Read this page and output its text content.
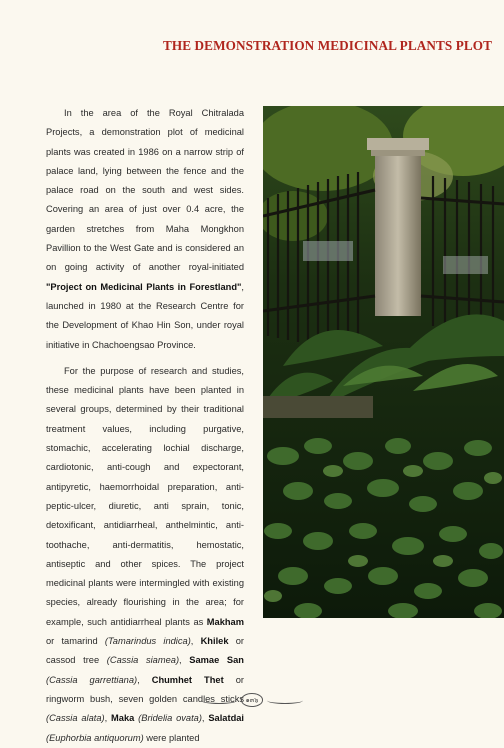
THE DEMONSTRATION MEDICINAL PLANTS PLOT

In the area of the Royal Chitralada Projects, a demonstration plot of medicinal plants was created in 1986 on a narrow strip of palace land, lying between the fence and the palace road on the south and west sides. Covering an area of just over 0.4 acre, the garden stretches from Maha Mongkhon Pavillion to the West Gate and is considered an on going activity of another royal-initiated "Project on Medicinal Plants in Forestland", launched in 1980 at the Research Centre for the Development of Khao Hin Son, under royal initiative in Chachoengsao Province.

For the purpose of research and studies, these medicinal plants have been planted in several groups, determined by their traditional treatment values, including purgative, stomachic, accelerating lochial discharge, cardiotonic, anti-cough and expectorant, antipyretic, haemorrhoidal preparation, anti-peptic-ulcer, diuretic, anti sprain, tonic, detoxificant, antidiarrheal, anthelmintic, anti-toothache, anti-dermatitis, hemostatic, antiseptic and other spices. The project medicinal plants were intermingled with existing species, already flourishing in the area; for example, such antidiarrheal plants as Makham or tamarind (Tamarindus indica), Khilek or cassod tree (Cassia siamea), Samae San (Cassia garrettiana), Chumhet Thet or ringworm bush, seven golden candles sticks (Cassia alata), Maka (Bridelia ovata), Salatdai (Euphorbia antiquorum) were planted

๑๓๖
